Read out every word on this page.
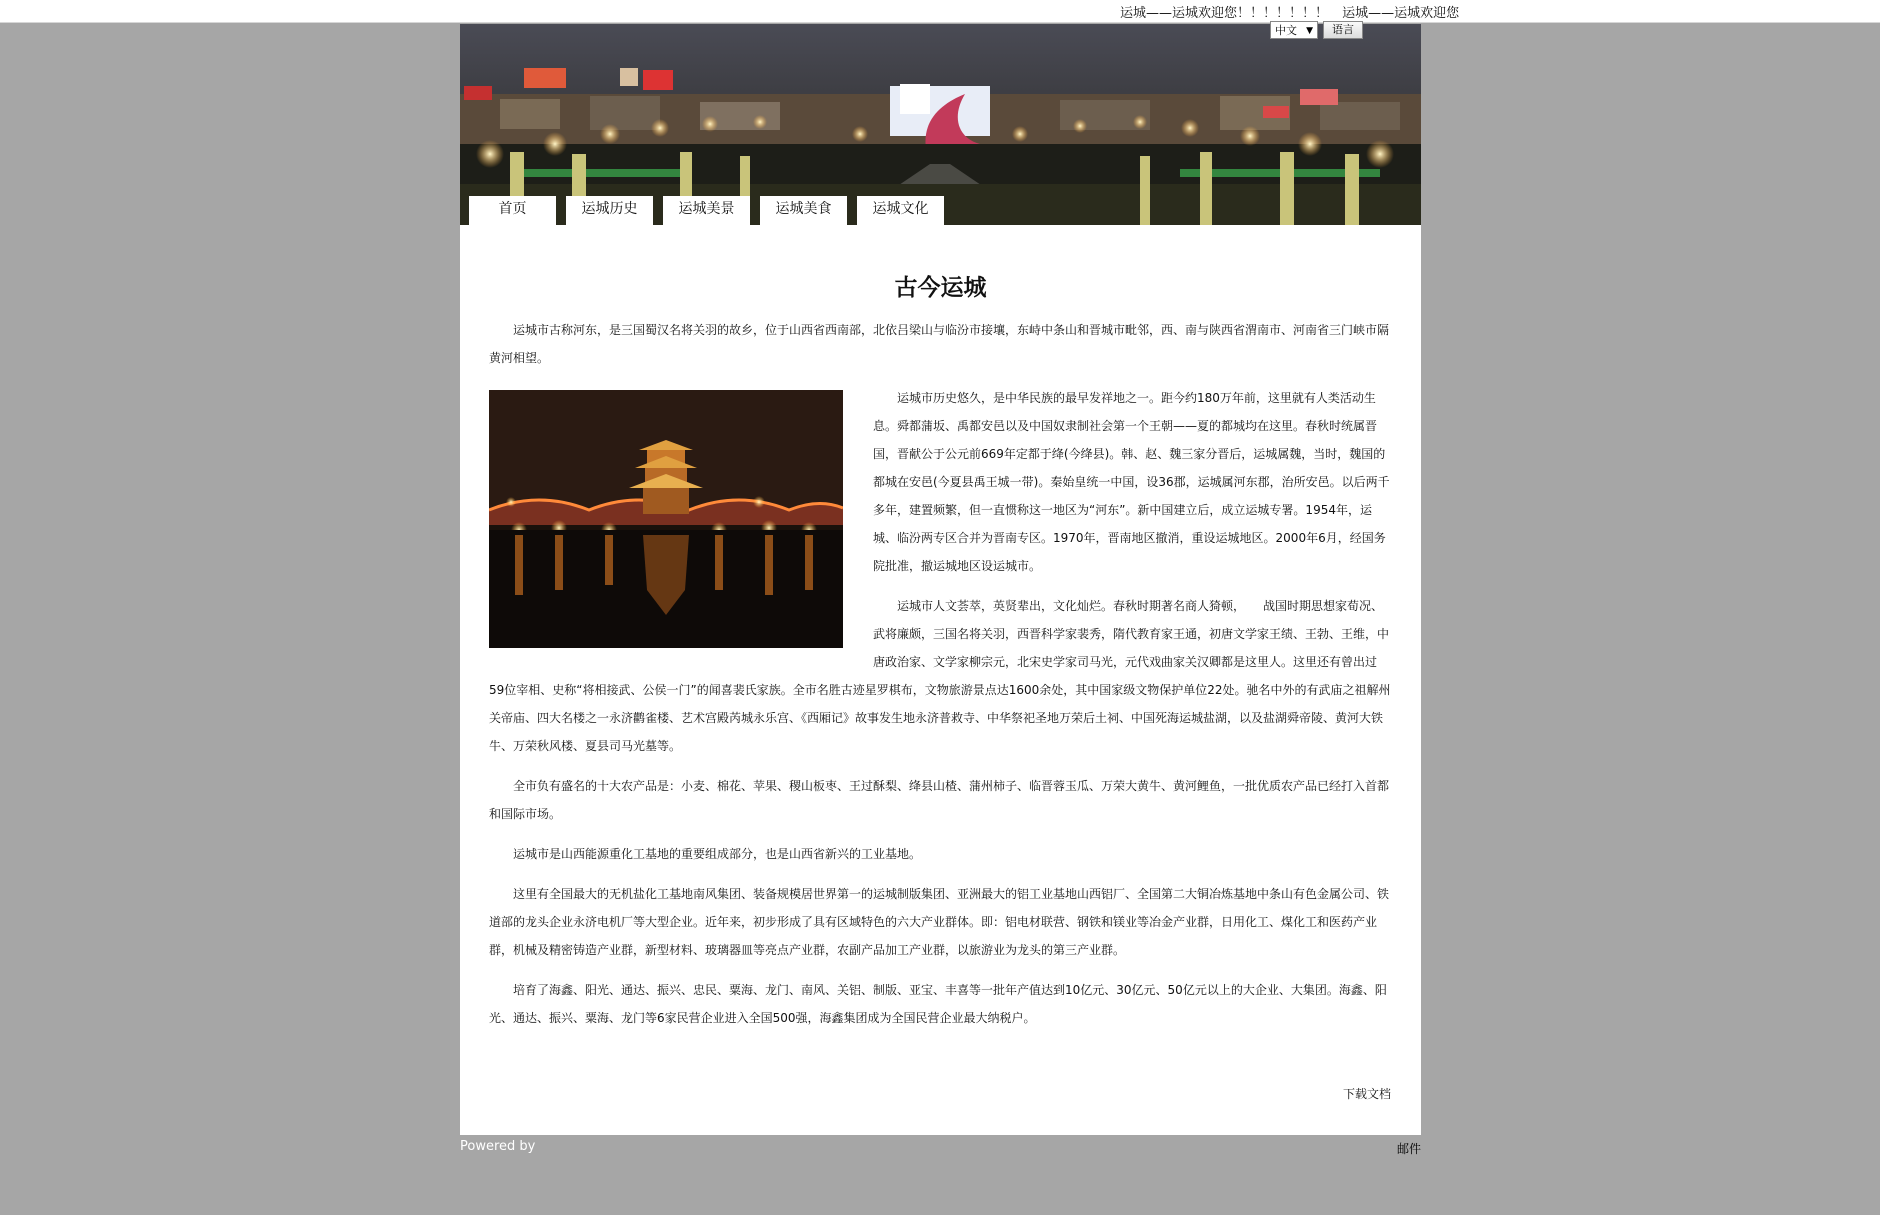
运城——运城欢迎您！！！！！！！ 运城——运城欢迎您
中文 ▼	语言
首页	运城历史	运城美景	运城美食	运城文化
古今运城

运城市古称河东，是三国蜀汉名将关羽的故乡，位于山西省西南部，北依吕梁山与临汾市接壤，东峙中条山和晋城市毗邻，西、南与陕西省渭南市、河南省三门峡市隔黄河相望。

运城市历史悠久，是中华民族的最早发祥地之一。距今约180万年前，这里就有人类活动生息。舜都蒲坂、禹都安邑以及中国奴隶制社会第一个王朝——夏的都城均在这里。春秋时统属晋国，晋献公于公元前669年定都于绛(今绛县)。韩、赵、魏三家分晋后，运城属魏，当时，魏国的都城在安邑(今夏县禹王城一带)。秦始皇统一中国，设36郡，运城属河东郡，治所安邑。以后两千多年，建置频繁，但一直惯称这一地区为“河东”。新中国建立后，成立运城专署。1954年，运城、临汾两专区合并为晋南专区。1970年，晋南地区撤消，重设运城地区。2000年6月，经国务院批准，撤运城地区设运城市。

运城市人文荟萃，英贤辈出，文化灿烂。春秋时期著名商人猗顿，　　战国时期思想家荀况、武将廉颇，三国名将关羽，西晋科学家裴秀，隋代教育家王通，初唐文学家王绩、王勃、王维，中唐政治家、文学家柳宗元，北宋史学家司马光，元代戏曲家关汉卿都是这里人。这里还有曾出过59位宰相、史称“将相接武、公侯一门”的闻喜裴氏家族。全市名胜古迹星罗棋布，文物旅游景点达1600余处，其中国家级文物保护单位22处。驰名中外的有武庙之祖解州关帝庙、四大名楼之一永济鹳雀楼、艺术宫殿芮城永乐宫、《西厢记》故事发生地永济普救寺、中华祭祀圣地万荣后土祠、中国死海运城盐湖，以及盐湖舜帝陵、黄河大铁牛、万荣秋风楼、夏县司马光墓等。

全市负有盛名的十大农产品是：小麦、棉花、苹果、稷山板枣、王过酥梨、绛县山楂、蒲州柿子、临晋蓉玉瓜、万荣大黄牛、黄河鲤鱼，一批优质农产品已经打入首都和国际市场。

运城市是山西能源重化工基地的重要组成部分，也是山西省新兴的工业基地。

这里有全国最大的无机盐化工基地南风集团、装备规模居世界第一的运城制版集团、亚洲最大的铝工业基地山西铝厂、全国第二大铜冶炼基地中条山有色金属公司、铁道部的龙头企业永济电机厂等大型企业。近年来，初步形成了具有区域特色的六大产业群体。即：铝电材联营、钢铁和镁业等冶金产业群，日用化工、煤化工和医药产业群，机械及精密铸造产业群，新型材料、玻璃器皿等亮点产业群，农副产品加工产业群，以旅游业为龙头的第三产业群。

培育了海鑫、阳光、通达、振兴、忠民、粟海、龙门、南风、关铝、制版、亚宝、丰喜等一批年产值达到10亿元、30亿元、50亿元以上的大企业、大集团。海鑫、阳光、通达、振兴、粟海、龙门等6家民营企业进入全国500强，海鑫集团成为全国民营企业最大纳税户。

下载文档
Powered by	邮件
